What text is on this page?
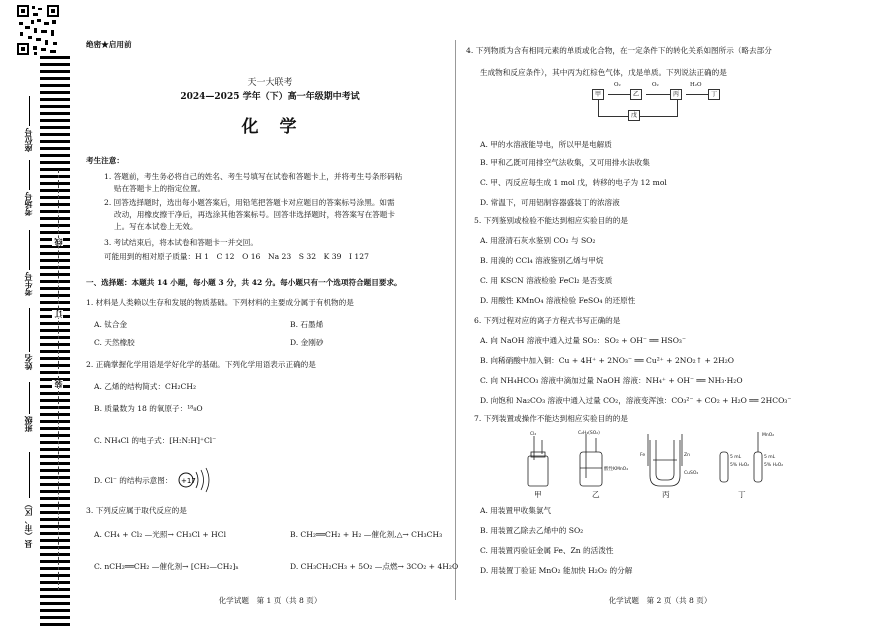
座位号
考场号
考生号
姓名
班级
县（市、区）
线
订
装
绝密★启用前
天一大联考
2024—2025 学年（下）高一年级期中考试
化　学
考生注意：
1. 答题前，考生务必将自己的姓名、考生号填写在试卷和答题卡上，并将考生号条形码粘
贴在答题卡上的指定位置。
2. 回答选择题时，选出每小题答案后，用铅笔把答题卡对应题目的答案标号涂黑。如需
改动，用橡皮擦干净后，再选涂其他答案标号。回答非选择题时，将答案写在答题卡
上。写在本试卷上无效。
3. 考试结束后，将本试卷和答题卡一并交回。
可能用到的相对原子质量：H 1　C 12　O 16　Na 23　S 32　K 39　I 127
一、选择题：本题共 14 小题，每小题 3 分，共 42 分。每小题只有一个选项符合题目要求。
1. 材料是人类赖以生存和发展的物质基础。下列材料的主要成分属于有机物的是
A. 钛合金	B. 石墨烯
C. 天然橡胶	D. 金刚砂
2. 正确掌握化学用语是学好化学的基础。下列化学用语表示正确的是
A. 乙烯的结构简式：CH₂CH₂
B. 质量数为 18 的氧原子：¹⁸₈O
C. NH₄Cl 的电子式：[H:N:H]⁺Cl⁻
D. Cl⁻ 的结构示意图： +17
3. 下列反应属于取代反应的是
A. CH₄ + Cl₂ —光照→ CH₃Cl + HCl	B. CH₂══CH₂ + H₂ —催化剂,△→ CH₃CH₃
C. nCH₂══CH₂ —催化剂→ [CH₂—CH₂]ₙ	D. CH₃CH₂CH₃ + 5O₂ —点燃→ 3CO₂ + 4H₂O
化学试题　第 1 页（共 8 页）
4. 下列物质为含有相同元素的单质或化合物，在一定条件下的转化关系如图所示（略去部分
生成物和反应条件），其中丙为红棕色气体，戊是单质。下列说法正确的是
甲
O₂
乙
O₂
丙
H₂O
丁
戊
A. 甲的水溶液能导电，所以甲是电解质
B. 甲和乙既可用排空气法收集，又可用排水法收集
C. 甲、丙反应每生成 1 mol 戊，转移的电子为 12 mol
D. 常温下，可用铝制容器盛装丁的浓溶液
5. 下列鉴别或检验不能达到相应实验目的的是
A. 用澄清石灰水鉴别 CO₂ 与 SO₂
B. 用溴的 CCl₄ 溶液鉴别乙烯与甲烷
C. 用 KSCN 溶液检验 FeCl₂ 是否变质
D. 用酸性 KMnO₄ 溶液检验 FeSO₄ 的还原性
6. 下列过程对应的离子方程式书写正确的是
A. 向 NaOH 溶液中通入过量 SO₂：SO₂ + OH⁻ ══ HSO₃⁻
B. 向稀硝酸中加入铜：Cu + 4H⁺ + 2NO₃⁻ ══ Cu²⁺ + 2NO₂↑ + 2H₂O
C. 向 NH₄HCO₃ 溶液中滴加过量 NaOH 溶液：NH₄⁺ + OH⁻ ══ NH₃·H₂O
D. 向饱和 Na₂CO₃ 溶液中通入过量 CO₂，溶液变浑浊：CO₃²⁻ + CO₂ + H₂O ══ 2HCO₃⁻
7. 下列装置或操作不能达到相应实验目的的是
Cl₂	C₂H₄(SO₂)
酸性KMnO₄
Fe	Zn
CuSO₄
MnO₂
5 mL	5 mL
5% H₂O₂	5% H₂O₂
甲	乙	丙	丁
A. 用装置甲收集氯气
B. 用装置乙除去乙烯中的 SO₂
C. 用装置丙验证金属 Fe、Zn 的活泼性
D. 用装置丁验证 MnO₂ 能加快 H₂O₂ 的分解
化学试题　第 2 页（共 8 页）
